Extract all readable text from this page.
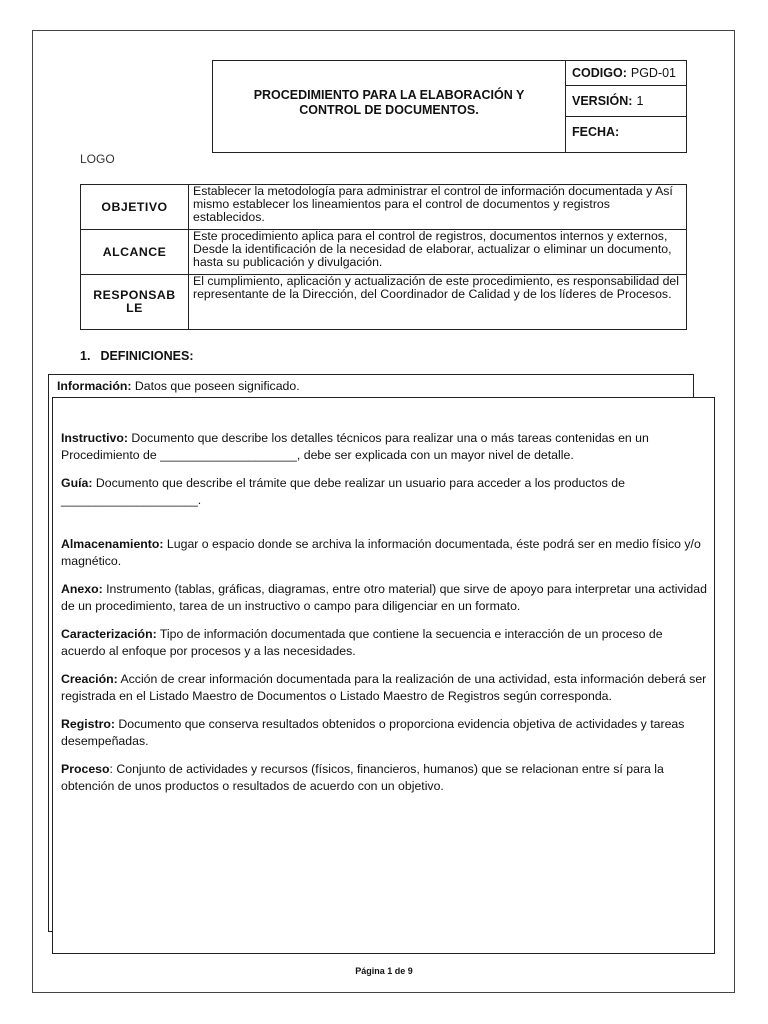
PROCEDIMIENTO PARA LA ELABORACIÓN Y CONTROL DE DOCUMENTOS.
CODIGO: PGD-01
VERSIÓN: 1
FECHA:
LOGO
OBJETIVO	Establecer la metodología para administrar el control de información documentada y Así mismo establecer los lineamientos para el control de documentos y registros establecidos.
ALCANCE	Este procedimiento aplica para el control de registros, documentos internos y externos, Desde la identificación de la necesidad de elaborar, actualizar o eliminar un documento, hasta su publicación y divulgación.
RESPONSAB LE	El cumplimiento, aplicación y actualización de este procedimiento, es responsabilidad del representante de la Dirección, del Coordinador de Calidad y de los líderes de Procesos.
1. DEFINICIONES:
Información: Datos que poseen significado.

Instructivo: Documento que describe los detalles técnicos para realizar una o más tareas contenidas en un Procedimiento de ____________________, debe ser explicada con un mayor nivel de detalle.

Guía: Documento que describe el trámite que debe realizar un usuario para acceder a los productos de ____________________.

Almacenamiento: Lugar o espacio donde se archiva la información documentada, éste podrá ser en medio físico y/o magnético.

Anexo: Instrumento (tablas, gráficas, diagramas, entre otro material) que sirve de apoyo para interpretar una actividad de un procedimiento, tarea de un instructivo o campo para diligenciar en un formato.

Caracterización: Tipo de información documentada que contiene la secuencia e interacción de un proceso de acuerdo al enfoque por procesos y a las necesidades.

Creación: Acción de crear información documentada para la realización de una actividad, esta información deberá ser registrada en el Listado Maestro de Documentos o Listado Maestro de Registros según corresponda.

Registro: Documento que conserva resultados obtenidos o proporciona evidencia objetiva de actividades y tareas desempeñadas.

Proceso: Conjunto de actividades y recursos (físicos, financieros, humanos) que se relacionan entre sí para la obtención de unos productos o resultados de acuerdo con un objetivo.

Página 1 de 9
